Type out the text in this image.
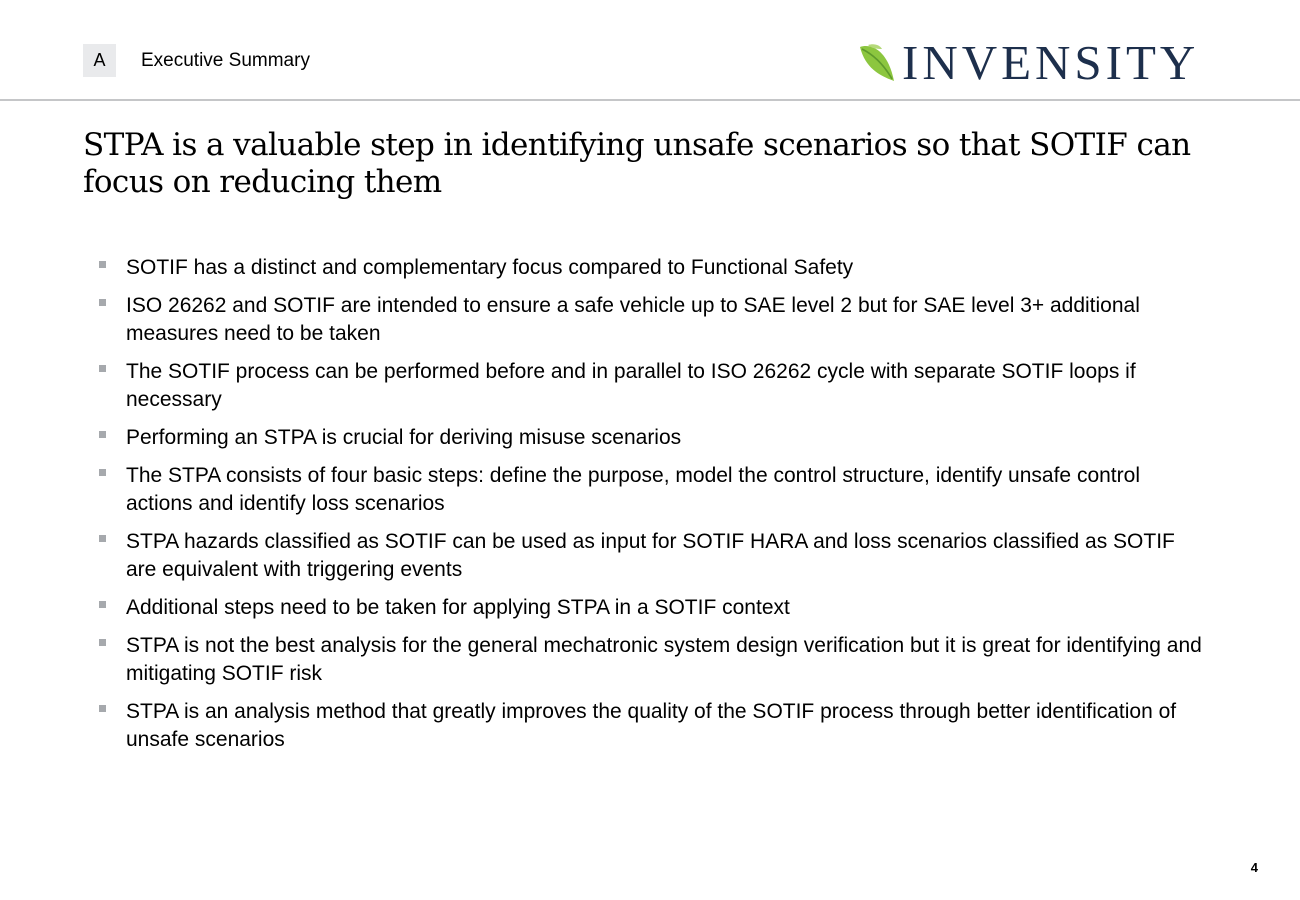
A Executive Summary	INVENSITY
STPA is a valuable step in identifying unsafe scenarios so that SOTIF can focus on reducing them
SOTIF has a distinct and complementary focus compared to Functional Safety
ISO 26262 and SOTIF are intended to ensure a safe vehicle up to SAE level 2 but for SAE level 3+ additional measures need to be taken
The SOTIF process can be performed before and in parallel to ISO 26262 cycle with separate SOTIF loops if necessary
Performing an STPA is crucial for deriving misuse scenarios
The STPA consists of four basic steps: define the purpose, model the control structure, identify unsafe control actions and identify loss scenarios
STPA hazards classified as SOTIF can be used as input for SOTIF HARA and loss scenarios classified as SOTIF are equivalent with triggering events
Additional steps need to be taken for applying STPA in a SOTIF context
STPA is not the best analysis for the general mechatronic system design verification but it is great for identifying and mitigating SOTIF risk
STPA is an analysis method that greatly improves the quality of the SOTIF process through better identification of unsafe scenarios
4
